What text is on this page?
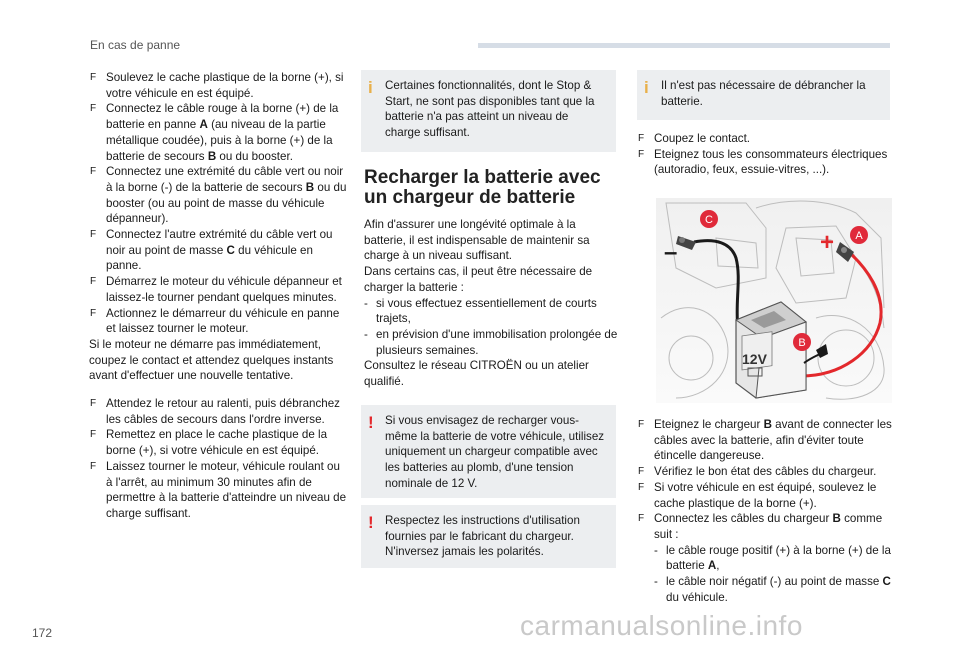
En cas de panne
F Soulevez le cache plastique de la borne (+), si votre véhicule en est équipé.
F Connectez le câble rouge à la borne (+) de la batterie en panne A (au niveau de la partie métallique coudée), puis à la borne (+) de la batterie de secours B ou du booster.
F Connectez une extrémité du câble vert ou noir à la borne (-) de la batterie de secours B ou du booster (ou au point de masse du véhicule dépanneur).
F Connectez l'autre extrémité du câble vert ou noir au point de masse C du véhicule en panne.
F Démarrez le moteur du véhicule dépanneur et laissez-le tourner pendant quelques minutes.
F Actionnez le démarreur du véhicule en panne et laissez tourner le moteur.
Si le moteur ne démarre pas immédiatement, coupez le contact et attendez quelques instants avant d'effectuer une nouvelle tentative.
F Attendez le retour au ralenti, puis débranchez les câbles de secours dans l'ordre inverse.
F Remettez en place le cache plastique de la borne (+), si votre véhicule en est équipé.
F Laissez tourner le moteur, véhicule roulant ou à l'arrêt, au minimum 30 minutes afin de permettre à la batterie d'atteindre un niveau de charge suffisant.
i Certaines fonctionnalités, dont le Stop & Start, ne sont pas disponibles tant que la batterie n'a pas atteint un niveau de charge suffisant.
Recharger la batterie avec un chargeur de batterie
Afin d'assurer une longévité optimale à la batterie, il est indispensable de maintenir sa charge à un niveau suffisant.
Dans certains cas, il peut être nécessaire de charger la batterie :
- si vous effectuez essentiellement de courts trajets,
- en prévision d'une immobilisation prolongée de plusieurs semaines.
Consultez le réseau CITROËN ou un atelier qualifié.
! Si vous envisagez de recharger vous-même la batterie de votre véhicule, utilisez uniquement un chargeur compatible avec les batteries au plomb, d'une tension nominale de 12 V.
! Respectez les instructions d'utilisation fournies par le fabricant du chargeur. N'inversez jamais les polarités.
i Il n'est pas nécessaire de débrancher la batterie.
F Coupez le contact.
F Eteignez tous les consommateurs électriques (autoradio, feux, essuie-vitres, ...).
12V
+
–
C
A
B
F Eteignez le chargeur B avant de connecter les câbles avec la batterie, afin d'éviter toute étincelle dangereuse.
F Vérifiez le bon état des câbles du chargeur.
F Si votre véhicule en est équipé, soulevez le cache plastique de la borne (+).
F Connectez les câbles du chargeur B comme suit :
- le câble rouge positif (+) à la borne (+) de la batterie A,
- le câble noir négatif (-) au point de masse C du véhicule.
172	carmanualsonline.info
